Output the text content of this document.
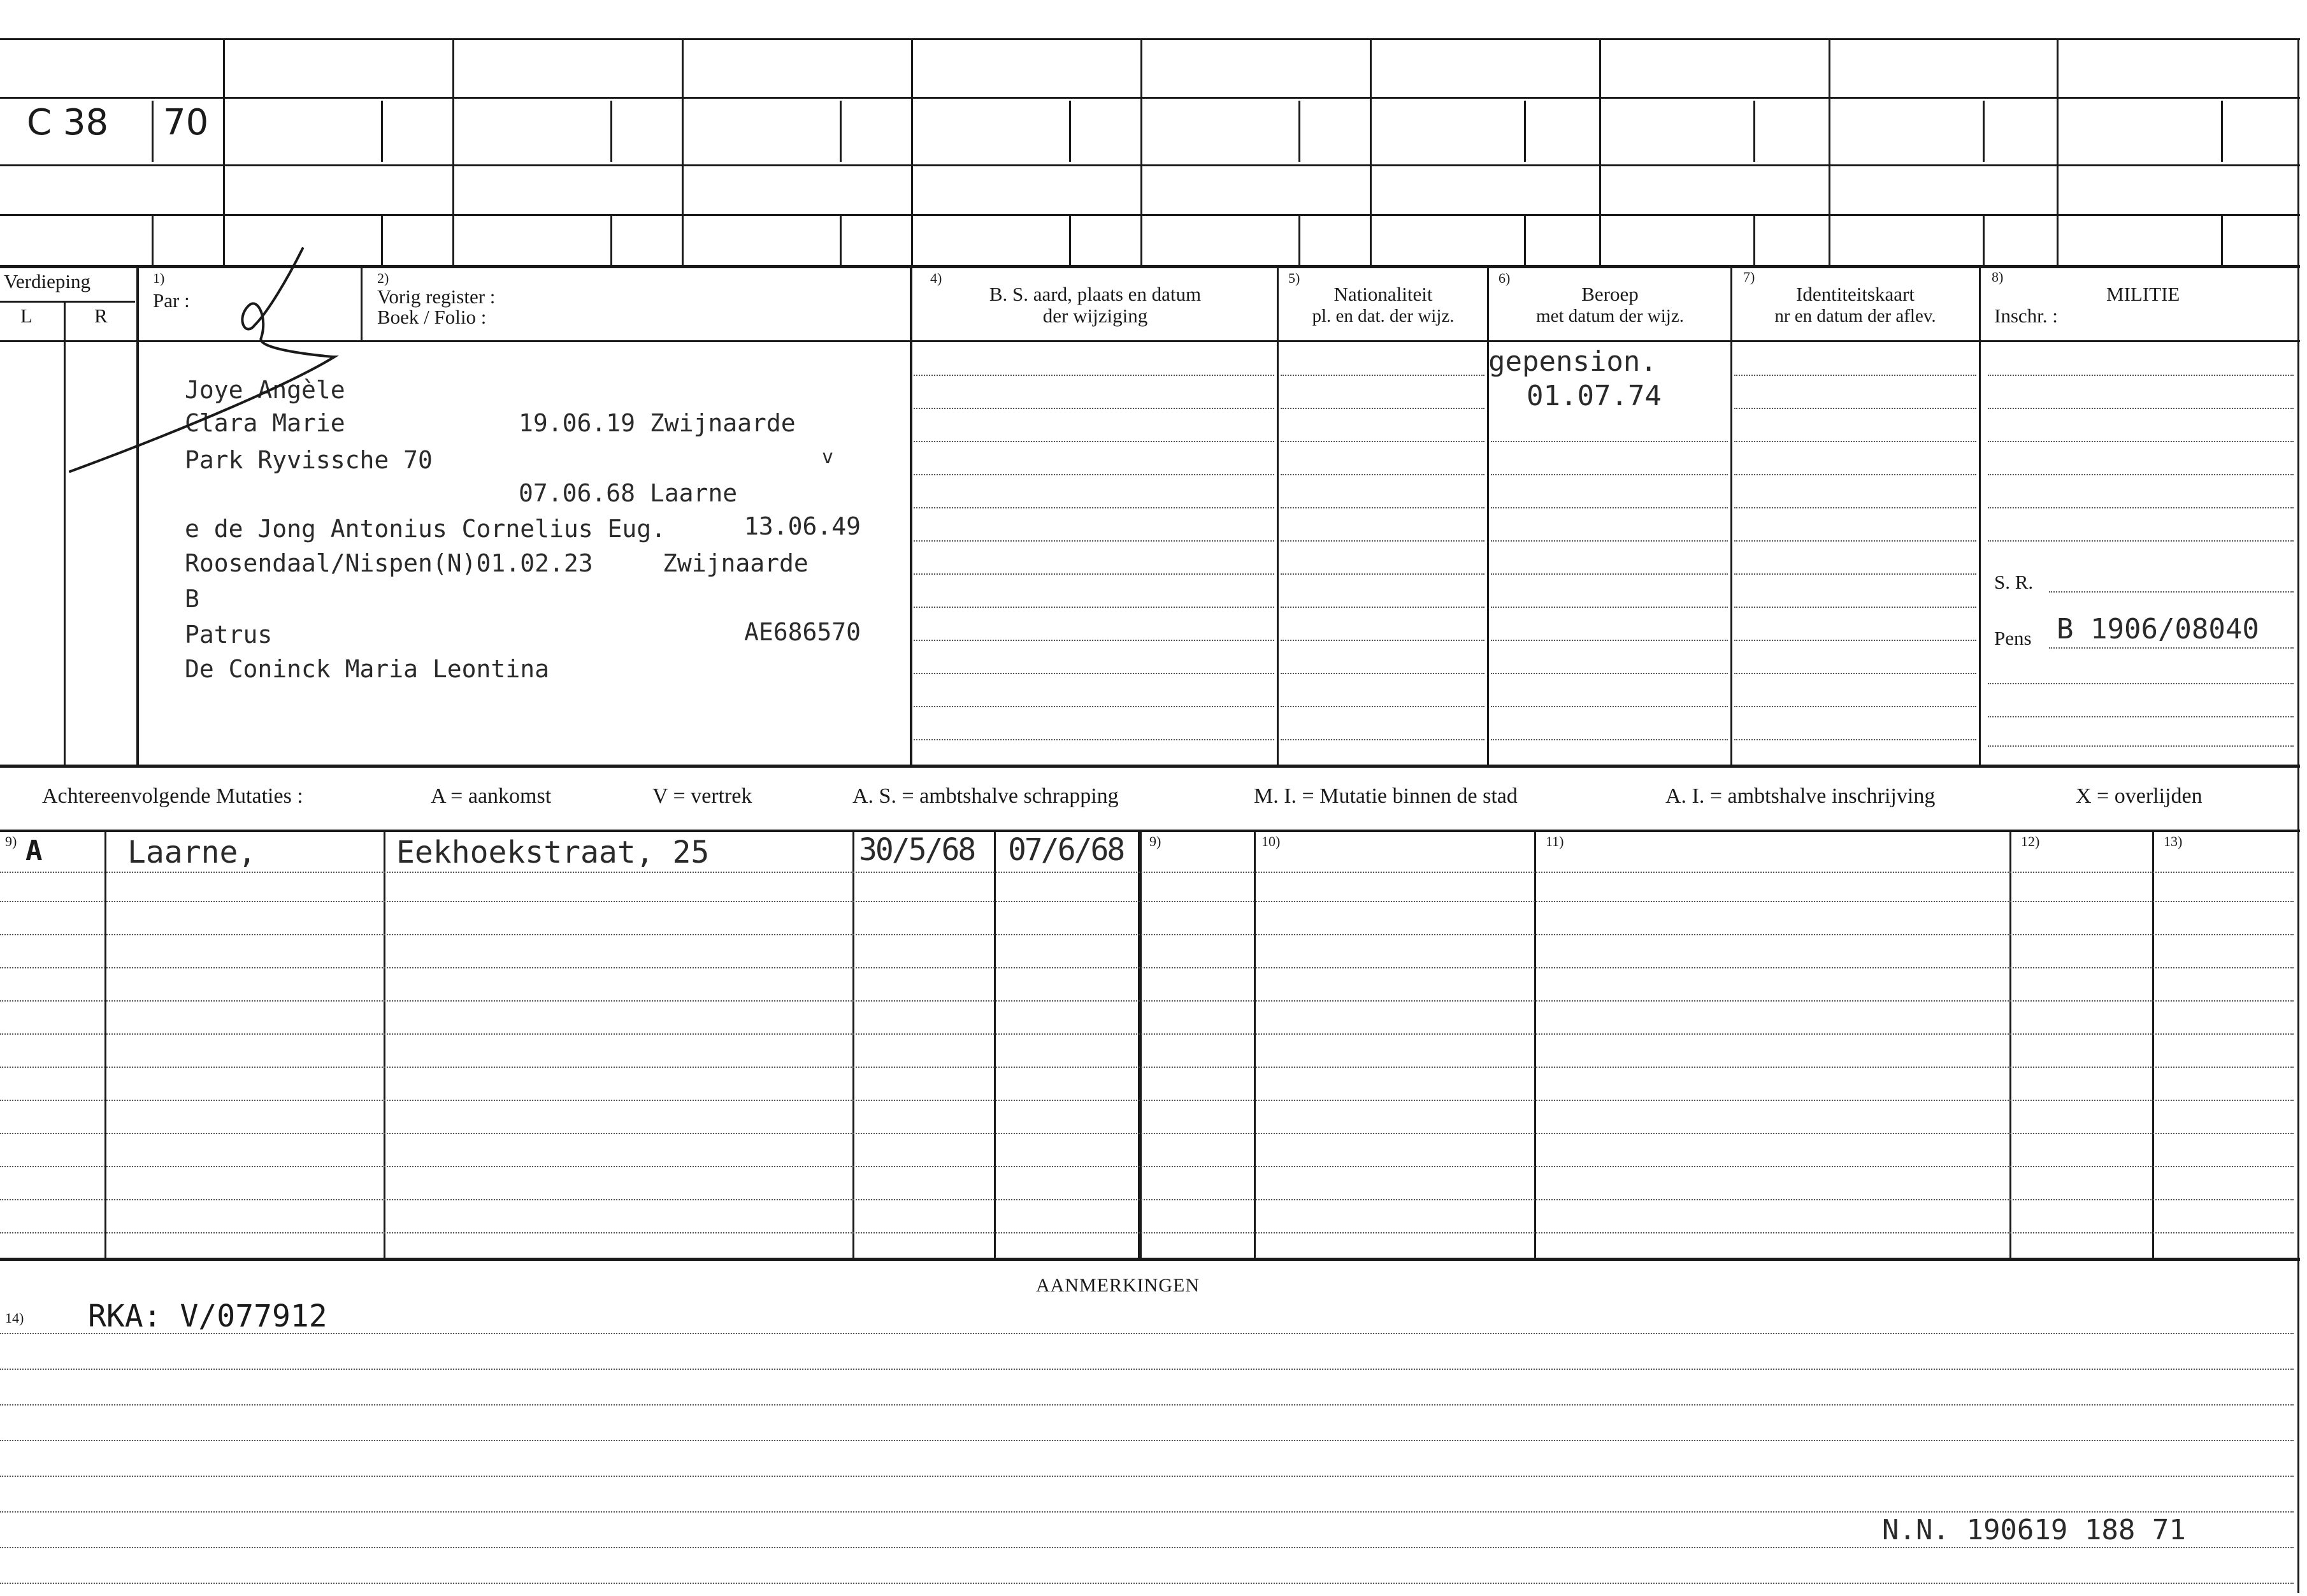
C 38 70
Verdieping
L	R
1)
Par :
2)
Vorig register :
Boek / Folio :
4)
B. S. aard, plaats en datum
der wijziging
5)
Nationaliteit
pl. en dat. der wijz.
6)
Beroep
met datum der wijz.
7)
Identiteitskaart
nr en datum der aflev.
8)
MILITIE
Inschr. :
S. R.
Pens B 1906/08040
Joye Angèle
Clara Marie	19.06.19 Zwijnaarde
Park Ryvissche 70	v
07.06.68 Laarne
e de Jong Antonius Cornelius Eug.	13.06.49
Roosendaal/Nispen(N)01.02.23	Zwijnaarde
B
Patrus	AE686570
De Coninck Maria Leontina
gepension.
01.07.74
Achtereenvolgende Mutaties :	A = aankomst	V = vertrek	A. S. = ambtshalve schrapping	M. I. = Mutatie binnen de stad	A. I. = ambtshalve inschrijving	X = overlijden
9)	9)	10)	11)	12)	13)
A	Laarne,	Eekhoekstraat, 25	30/5/68 07/6/68
AANMERKINGEN
14) RKA: V/077912
N.N. 190619 188 71
